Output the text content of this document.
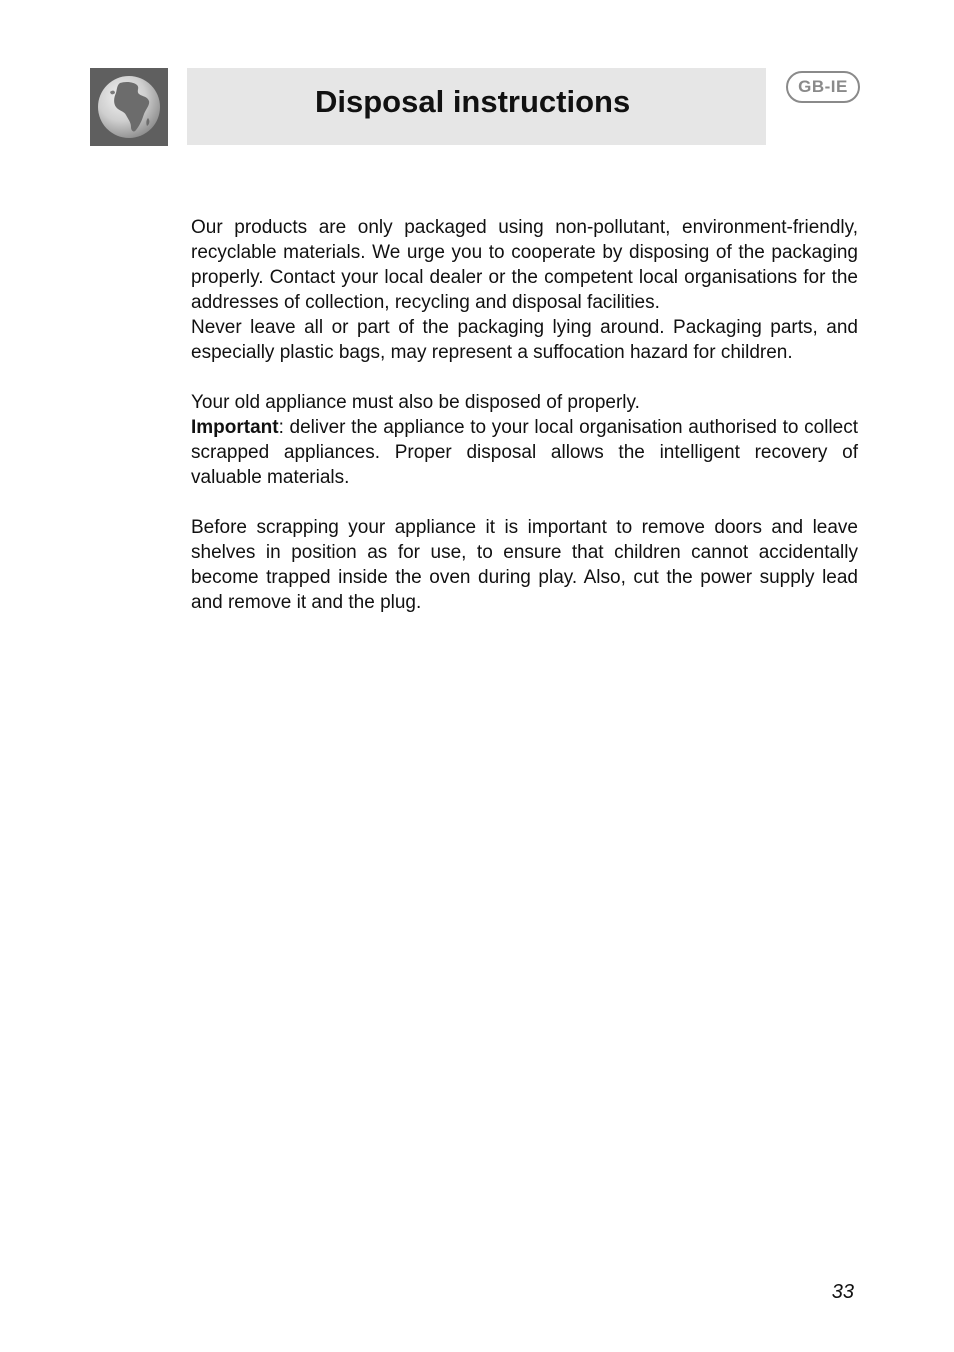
Disposal instructions	GB-IE

Our products are only packaged using non-pollutant, environment-friendly, recyclable materials. We urge you to cooperate by disposing of the packaging properly. Contact your local dealer or the competent local organisations for the addresses of collection, recycling and disposal facilities.

Never leave all or part of the packaging lying around. Packaging parts, and especially plastic bags, may represent a suffocation hazard for children.

Your old appliance must also be disposed of properly.

Important: deliver the appliance to your local organisation authorised to collect scrapped appliances. Proper disposal allows the intelligent recovery of valuable materials.

Before scrapping your appliance it is important to remove doors and leave shelves in position as for use, to ensure that children cannot accidentally become trapped inside the oven during play. Also, cut the power supply lead and remove it and the plug.

33
